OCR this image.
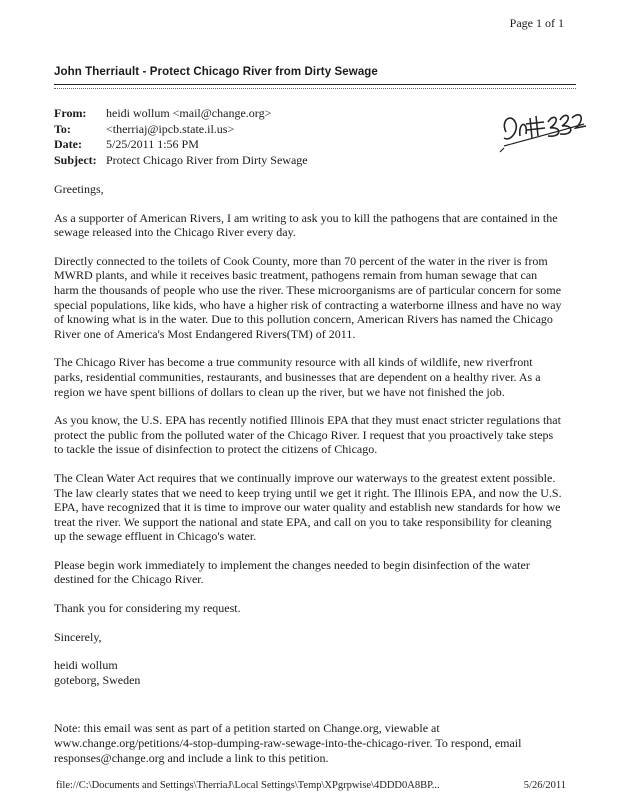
Page 1 of 1
John Therriault - Protect Chicago River from Dirty Sewage
From:	heidi wollum <mail@change.org>
To:	<therriaj@ipcb.state.il.us>
Date:	5/25/2011 1:56 PM
Subject: Protect Chicago River from Dirty Sewage

Greetings,

As a supporter of American Rivers, I am writing to ask you to kill the pathogens that are contained in the sewage released into the Chicago River every day.

Directly connected to the toilets of Cook County, more than 70 percent of the water in the river is from MWRD plants, and while it receives basic treatment, pathogens remain from human sewage that can harm the thousands of people who use the river. These microorganisms are of particular concern for some special populations, like kids, who have a higher risk of contracting a waterborne illness and have no way of knowing what is in the water. Due to this pollution concern, American Rivers has named the Chicago River one of America's Most Endangered Rivers(TM) of 2011.

The Chicago River has become a true community resource with all kinds of wildlife, new riverfront parks, residential communities, restaurants, and businesses that are dependent on a healthy river. As a region we have spent billions of dollars to clean up the river, but we have not finished the job.

As you know, the U.S. EPA has recently notified Illinois EPA that they must enact stricter regulations that protect the public from the polluted water of the Chicago River. I request that you proactively take steps to tackle the issue of disinfection to protect the citizens of Chicago.

The Clean Water Act requires that we continually improve our waterways to the greatest extent possible. The law clearly states that we need to keep trying until we get it right. The Illinois EPA, and now the U.S. EPA, have recognized that it is time to improve our water quality and establish new standards for how we treat the river. We support the national and state EPA, and call on you to take responsibility for cleaning up the sewage effluent in Chicago's water.

Please begin work immediately to implement the changes needed to begin disinfection of the water destined for the Chicago River.

Thank you for considering my request.

Sincerely,

heidi wollum
goteborg, Sweden

Note: this email was sent as part of a petition started on Change.org, viewable at www.change.org/petitions/4-stop-dumping-raw-sewage-into-the-chicago-river. To respond, email responses@change.org and include a link to this petition.

file://C:\Documents and Settings\TherriaJ\Local Settings\Temp\XPgrpwise\4DDD0A8BP...	5/26/2011
